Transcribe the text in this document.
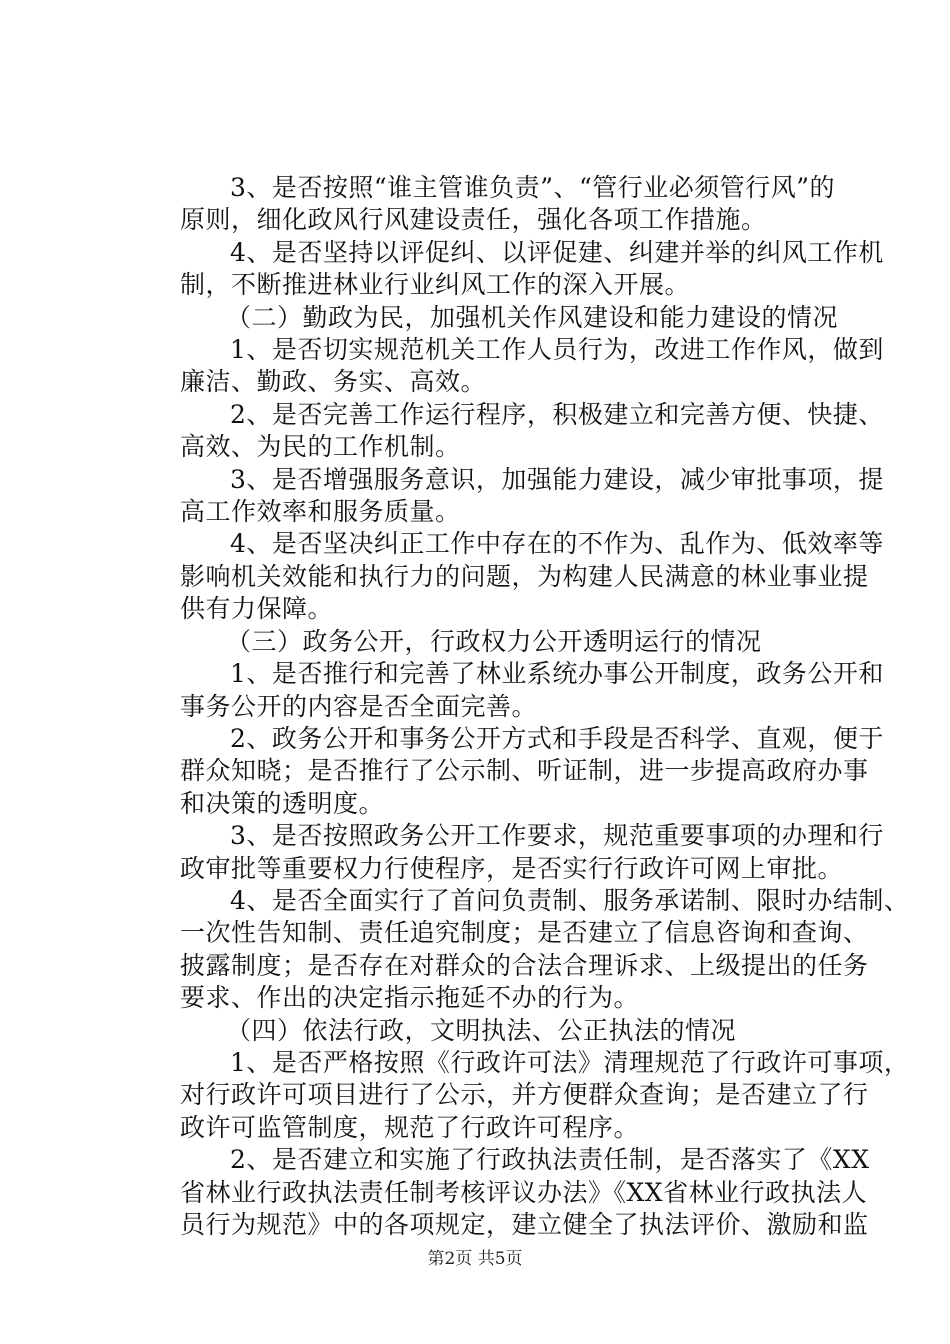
3、是否按照“谁主管谁负责”、“管行业必须管行风”的
原则，细化政风行风建设责任，强化各项工作措施。
4、是否坚持以评促纠、以评促建、纠建并举的纠风工作机
制，不断推进林业行业纠风工作的深入开展。
（二）勤政为民，加强机关作风建设和能力建设的情况
1、是否切实规范机关工作人员行为，改进工作作风，做到
廉洁、勤政、务实、高效。
2、是否完善工作运行程序，积极建立和完善方便、快捷、
高效、为民的工作机制。
3、是否增强服务意识，加强能力建设，减少审批事项，提
高工作效率和服务质量。
4、是否坚决纠正工作中存在的不作为、乱作为、低效率等
影响机关效能和执行力的问题，为构建人民满意的林业事业提
供有力保障。
（三）政务公开，行政权力公开透明运行的情况
1、是否推行和完善了林业系统办事公开制度，政务公开和
事务公开的内容是否全面完善。
2、政务公开和事务公开方式和手段是否科学、直观，便于
群众知晓；是否推行了公示制、听证制，进一步提高政府办事
和决策的透明度。
3、是否按照政务公开工作要求，规范重要事项的办理和行
政审批等重要权力行使程序，是否实行行政许可网上审批。
4、是否全面实行了首问负责制、服务承诺制、限时办结制、
一次性告知制、责任追究制度；是否建立了信息咨询和查询、
披露制度；是否存在对群众的合法合理诉求、上级提出的任务
要求、作出的决定指示拖延不办的行为。
（四）依法行政，文明执法、公正执法的情况
1、是否严格按照《行政许可法》清理规范了行政许可事项，
对行政许可项目进行了公示，并方便群众查询；是否建立了行
政许可监管制度，规范了行政许可程序。
2、是否建立和实施了行政执法责任制，是否落实了《XX
省林业行政执法责任制考核评议办法》《XX省林业行政执法人
员行为规范》中的各项规定，建立健全了执法评价、激励和监
第2页 共5页
